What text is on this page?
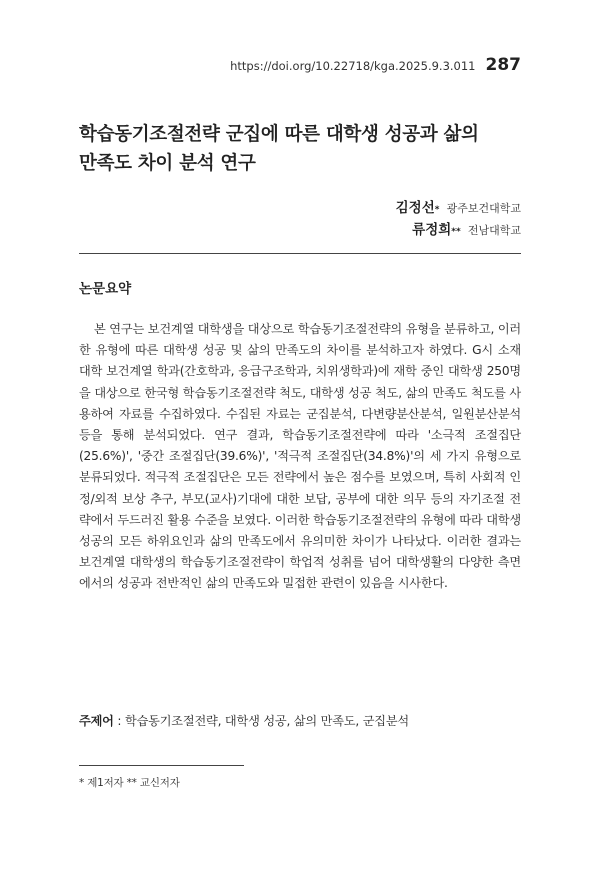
https://doi.org/10.22718/kga.2025.9.3.011 287
학습동기조절전략 군집에 따른 대학생 성공과 삶의
만족도 차이 분석 연구
김정선* 광주보건대학교
류정희** 전남대학교
논문요약

본 연구는 보건계열 대학생을 대상으로 학습동기조절전략의 유형을 분류하고, 이러한 유형에 따른 대학생 성공 및 삶의 만족도의 차이를 분석하고자 하였다. G시 소재 대학 보건계열 학과(간호학과, 응급구조학과, 치위생학과)에 재학 중인 대학생 250명을 대상으로 한국형 학습동기조절전략 척도, 대학생 성공 척도, 삶의 만족도 척도를 사용하여 자료를 수집하였다. 수집된 자료는 군집분석, 다변량분산분석, 일원분산분석 등을 통해 분석되었다. 연구 결과, 학습동기조절전략에 따라 '소극적 조절집단(25.6%)', '중간 조절집단(39.6%)', '적극적 조절집단(34.8%)'의 세 가지 유형으로 분류되었다. 적극적 조절집단은 모든 전략에서 높은 점수를 보였으며, 특히 사회적 인정/외적 보상 추구, 부모(교사)기대에 대한 보답, 공부에 대한 의무 등의 자기조절 전략에서 두드러진 활용 수준을 보였다. 이러한 학습동기조절전략의 유형에 따라 대학생 성공의 모든 하위요인과 삶의 만족도에서 유의미한 차이가 나타났다. 이러한 결과는 보건계열 대학생의 학습동기조절전략이 학업적 성취를 넘어 대학생활의 다양한 측면에서의 성공과 전반적인 삶의 만족도와 밀접한 관련이 있음을 시사한다.

주제어 : 학습동기조절전략, 대학생 성공, 삶의 만족도, 군집분석
* 제1저자 ** 교신저자
